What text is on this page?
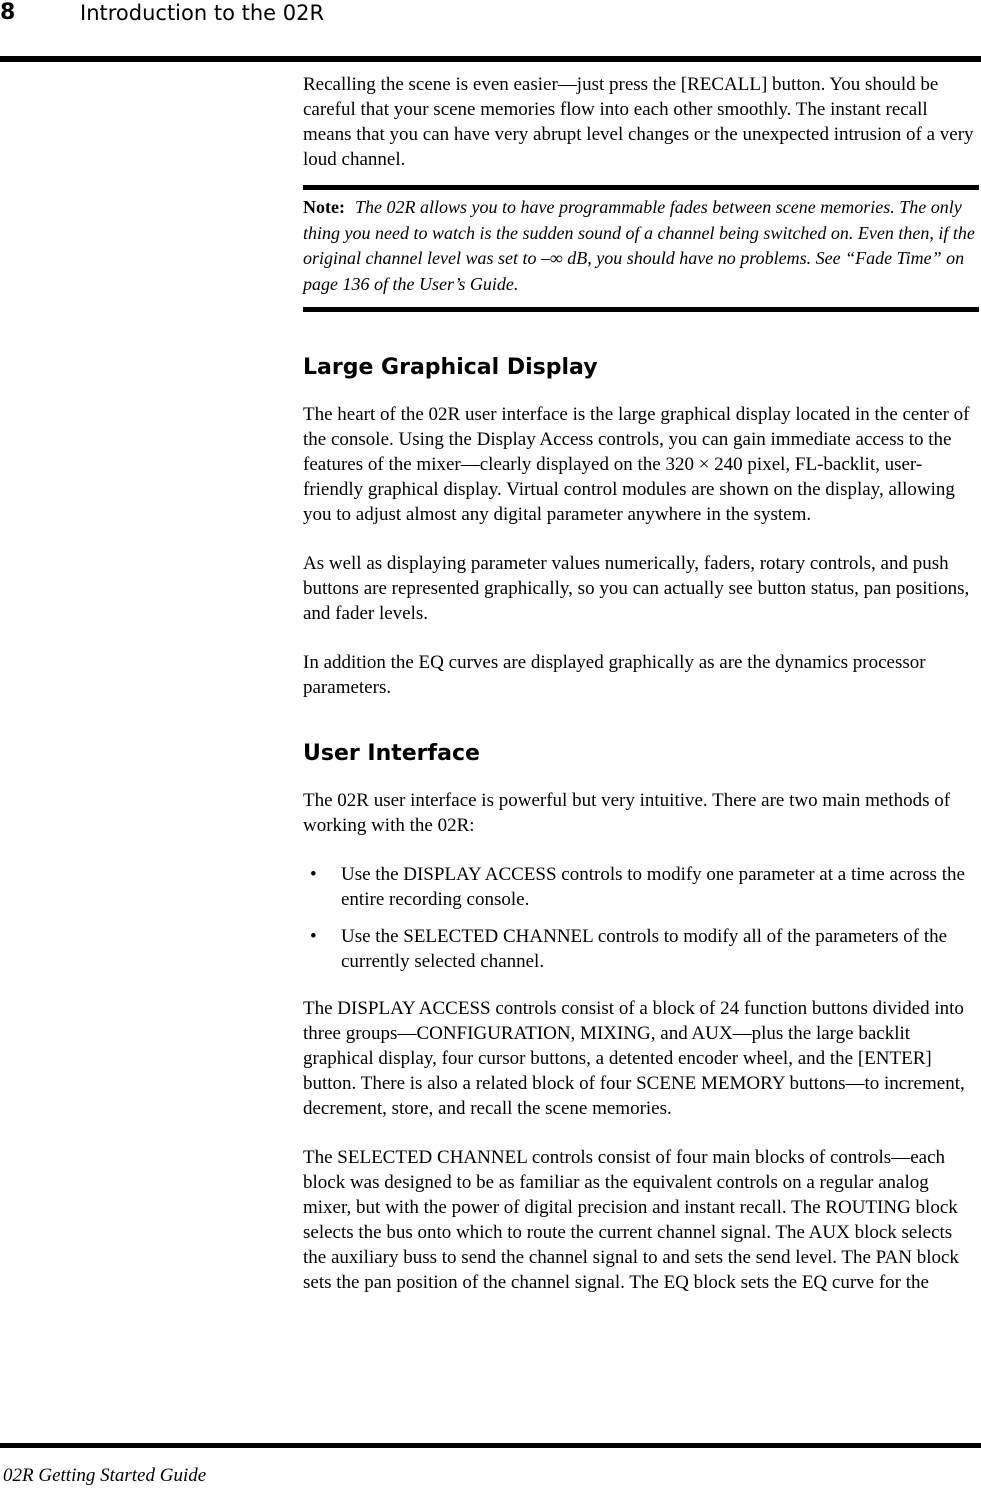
8	Introduction to the 02R

Recalling the scene is even easier—just press the [RECALL] button. You should be careful that your scene memories flow into each other smoothly. The instant recall means that you can have very abrupt level changes or the unexpected intrusion of a very loud channel.

Note: The 02R allows you to have programmable fades between scene memories. The only thing you need to watch is the sudden sound of a channel being switched on. Even then, if the original channel level was set to –∞ dB, you should have no problems. See “Fade Time” on page 136 of the User’s Guide.

Large Graphical Display

The heart of the 02R user interface is the large graphical display located in the center of the console. Using the Display Access controls, you can gain immediate access to the features of the mixer—clearly displayed on the 320 × 240 pixel, FL-backlit, user-friendly graphical display. Virtual control modules are shown on the display, allowing you to adjust almost any digital parameter anywhere in the system.

As well as displaying parameter values numerically, faders, rotary controls, and push buttons are represented graphically, so you can actually see button status, pan positions, and fader levels.

In addition the EQ curves are displayed graphically as are the dynamics processor parameters.

User Interface

The 02R user interface is powerful but very intuitive. There are two main methods of working with the 02R:

• Use the DISPLAY ACCESS controls to modify one parameter at a time across the entire recording console.
• Use the SELECTED CHANNEL controls to modify all of the parameters of the currently selected channel.

The DISPLAY ACCESS controls consist of a block of 24 function buttons divided into three groups—CONFIGURATION, MIXING, and AUX—plus the large backlit graphical display, four cursor buttons, a detented encoder wheel, and the [ENTER] button. There is also a related block of four SCENE MEMORY buttons—to increment, decrement, store, and recall the scene memories.

The SELECTED CHANNEL controls consist of four main blocks of controls—each block was designed to be as familiar as the equivalent controls on a regular analog mixer, but with the power of digital precision and instant recall. The ROUTING block selects the bus onto which to route the current channel signal. The AUX block selects the auxiliary buss to send the channel signal to and sets the send level. The PAN block sets the pan position of the channel signal. The EQ block sets the EQ curve for the

02R Getting Started Guide
